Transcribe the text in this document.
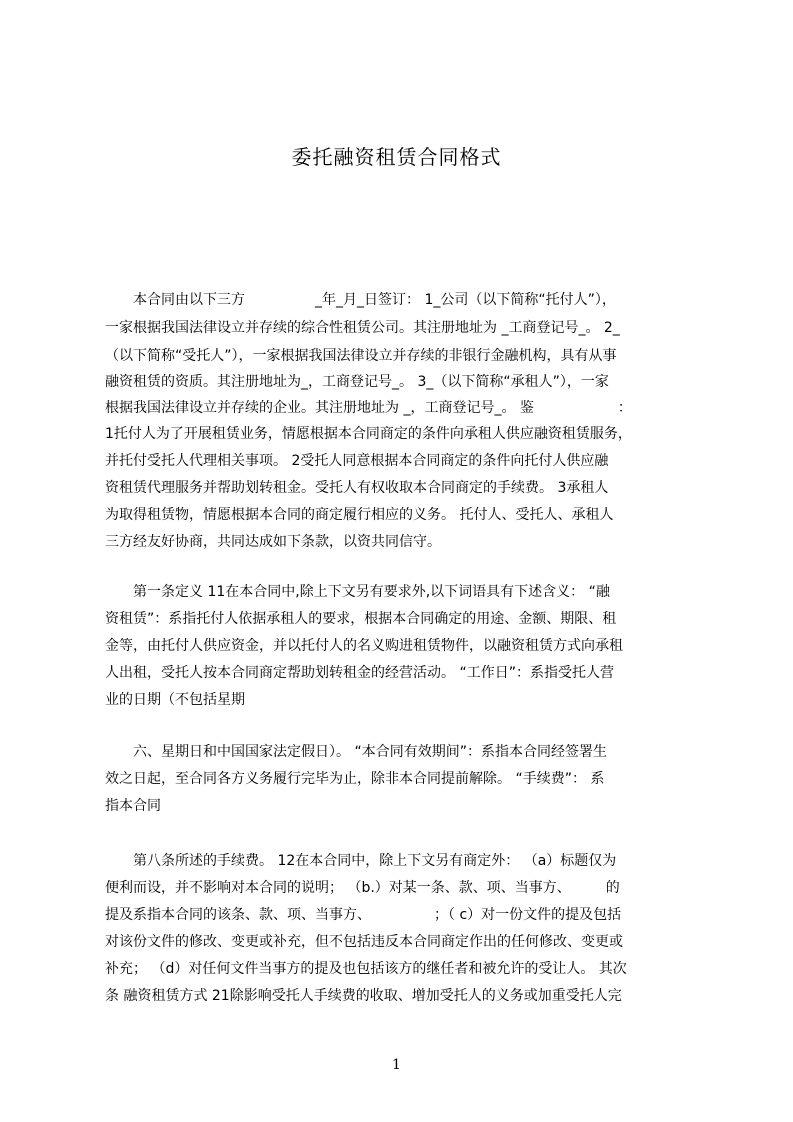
委托融资租赁合同格式
　　本合同由以下三方　　　　　_年_月_日签订： 1_公司（以下简称“托付人”），
一家根据我国法律设立并存续的综合性租赁公司。其注册地址为 _工商登记号_。 2_
（以下简称“受托人”），一家根据我国法律设立并存续的非银行金融机构，具有从事
融资租赁的资质。其注册地址为_，工商登记号_。 3_（以下简称“承租人”），一家
根据我国法律设立并存续的企业。其注册地址为 _，工商登记号_。 鉴　　　　　　：
1托付人为了开展租赁业务，情愿根据本合同商定的条件向承租人供应融资租赁服务，
并托付受托人代理相关事项。 2受托人同意根据本合同商定的条件向托付人供应融
资租赁代理服务并帮助划转租金。受托人有权收取本合同商定的手续费。 3承租人
为取得租赁物，情愿根据本合同的商定履行相应的义务。 托付人、受托人、承租人
三方经友好协商，共同达成如下条款，以资共同信守。
　　第一条定义 11在本合同中,除上下文另有要求外,以下词语具有下述含义： “融
资租赁”：系指托付人依据承租人的要求，根据本合同确定的用途、金额、期限、租
金等，由托付人供应资金，并以托付人的名义购进租赁物件，以融资租赁方式向承租
人出租，受托人按本合同商定帮助划转租金的经营活动。 “工作日”：系指受托人营
业的日期（不包括星期
　　六、星期日和中国国家法定假日）。 “本合同有效期间”：系指本合同经签署生
效之日起，至合同各方义务履行完毕为止，除非本合同提前解除。 “手续费”： 系
指本合同
　　第八条所述的手续费。 12在本合同中，除上下文另有商定外： （a）标题仅为
便利而设，并不影响对本合同的说明； （b.）对某一条、款、项、当事方、　　　的
提及系指本合同的该条、款、项、当事方、　　　　　；（ c）对一份文件的提及包括
对该份文件的修改、变更或补充，但不包括违反本合同商定作出的任何修改、变更或
补充； （d）对任何文件当事方的提及也包括该方的继任者和被允许的受让人。 其次
条 融资租赁方式 21除影响受托人手续费的收取、增加受托人的义务或加重受托人完
1
